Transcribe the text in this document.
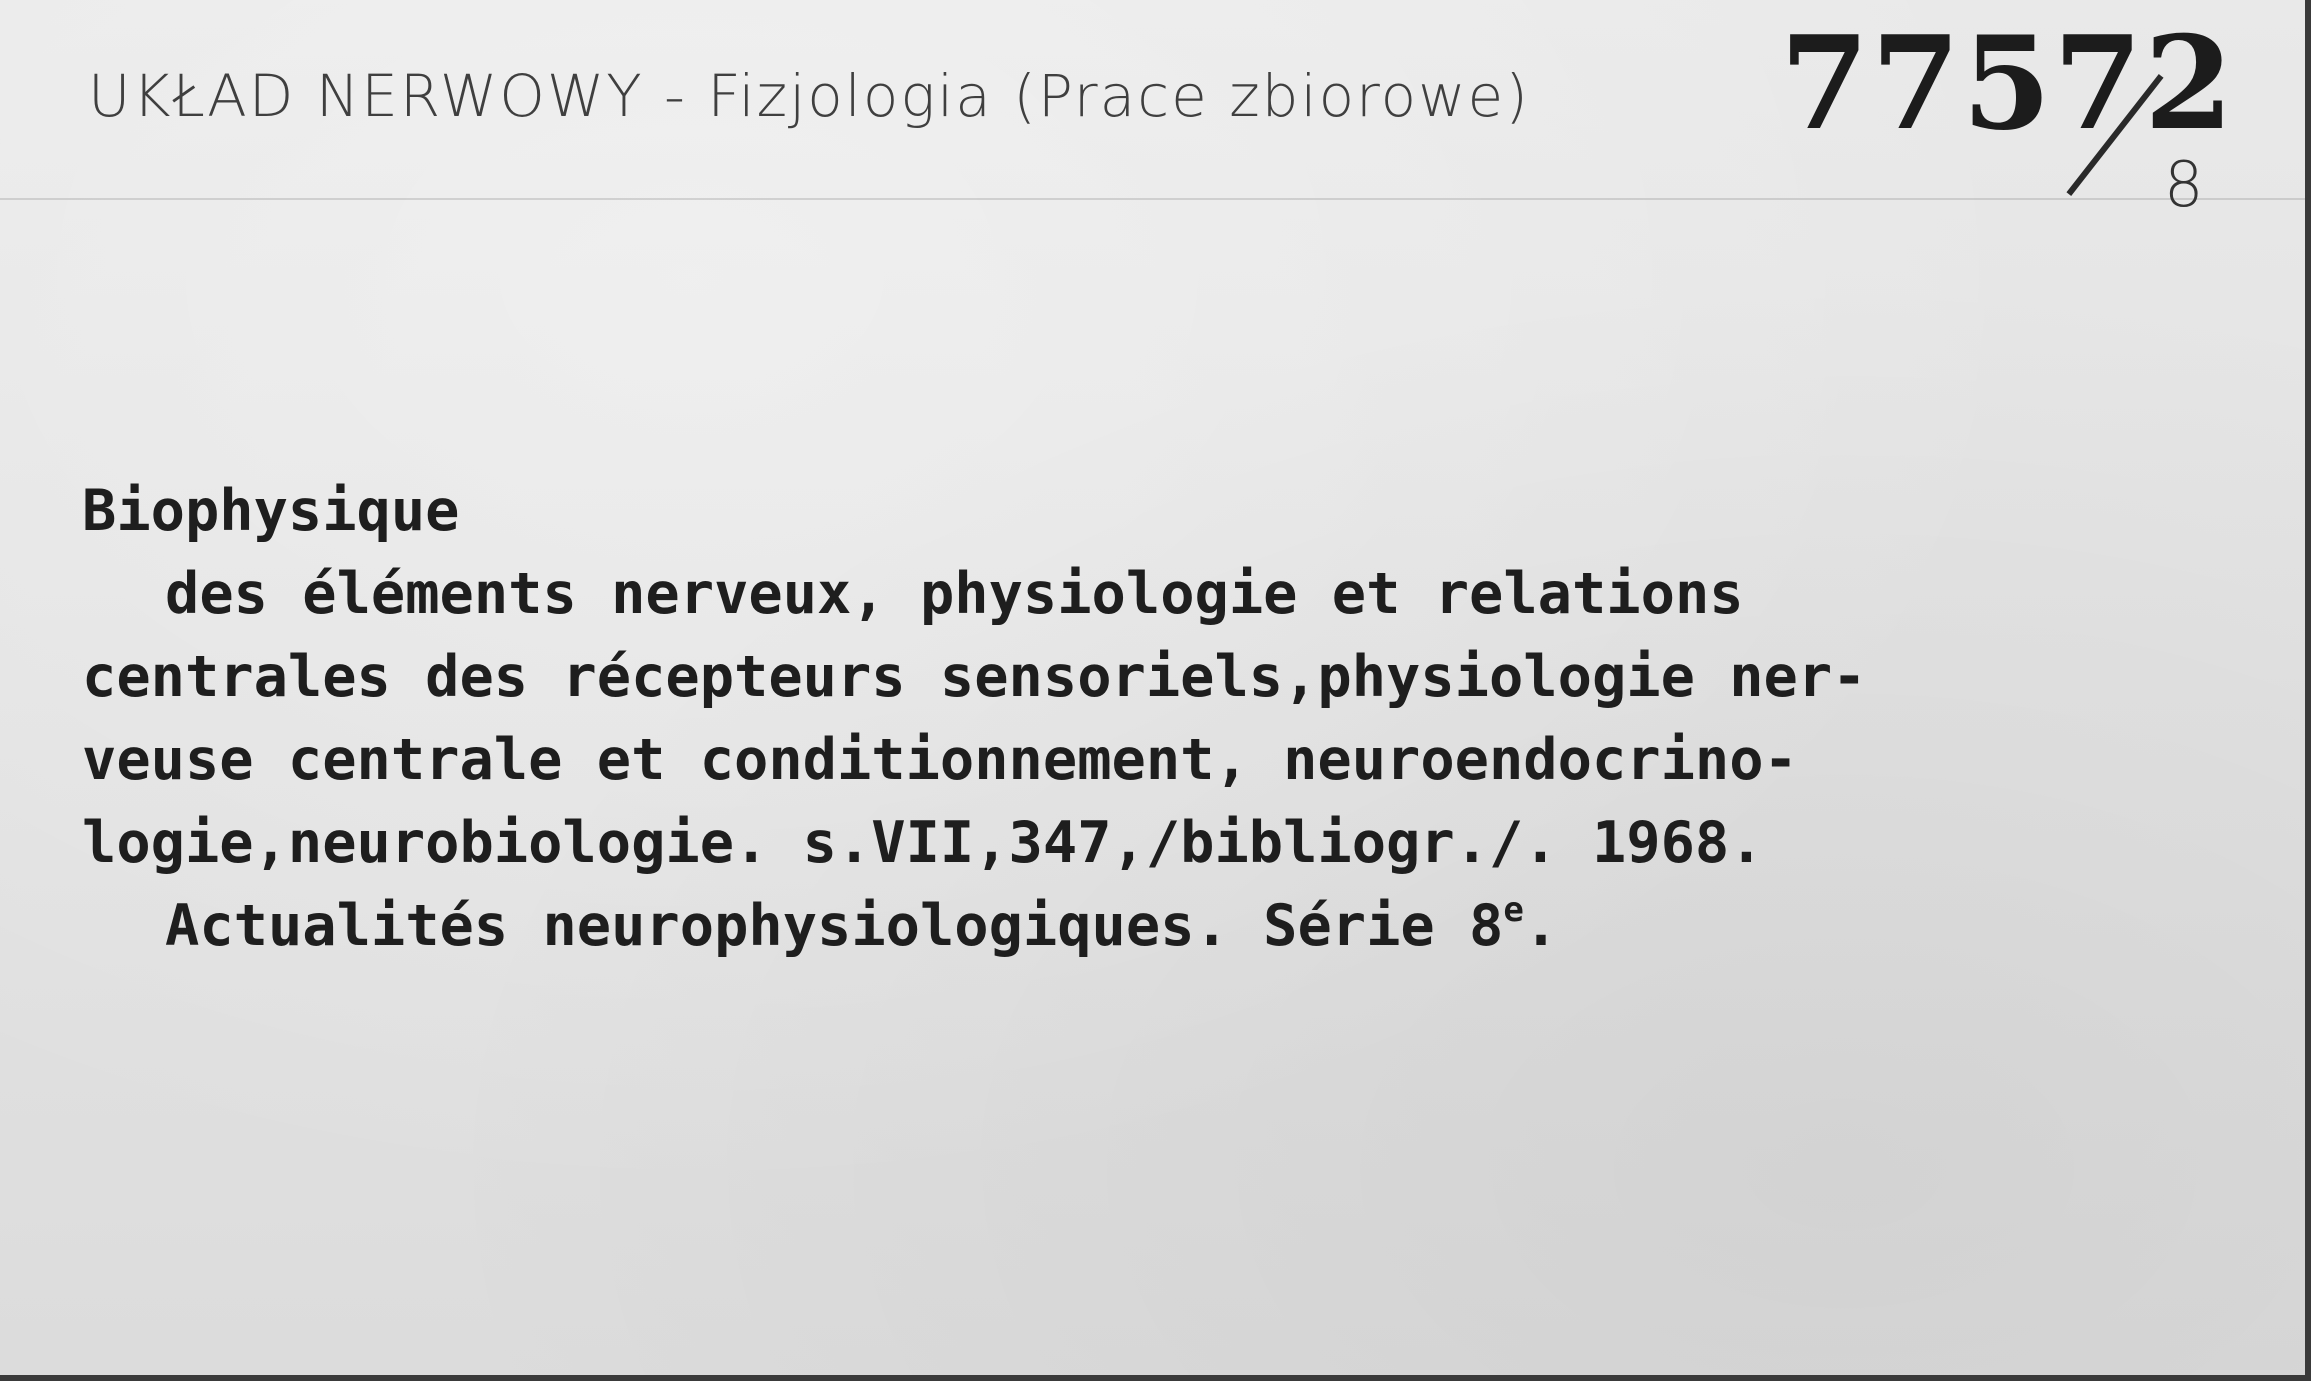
UKŁAD NERWOWY - Fizjologia (Prace zbiorowe) 77572
8
Biophysique
des éléments nerveux, physiologie et relations
centrales des récepteurs sensoriels,physiologie ner-
veuse centrale et conditionnement, neuroendocrino-
logie,neurobiologie. s.VII,347,/bibliogr./. 1968.
Actualités neurophysiologiques. Série 8e.
